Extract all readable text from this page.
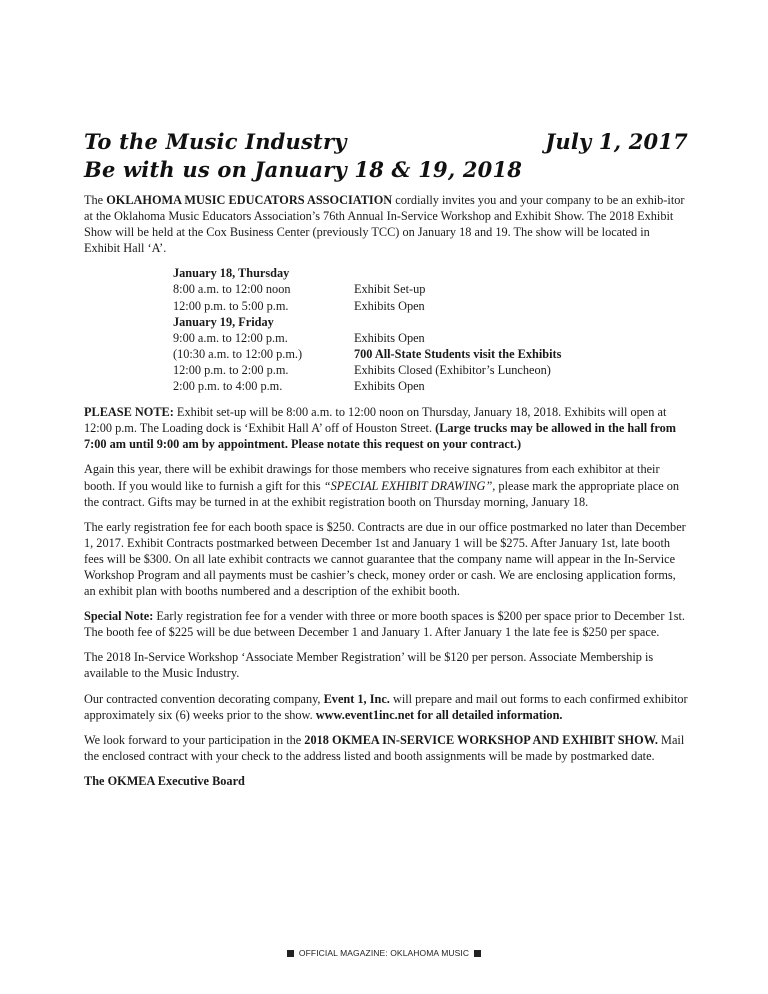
To the Music Industry	July 1, 2017
Be with us on January 18 & 19, 2018

The OKLAHOMA MUSIC EDUCATORS ASSOCIATION cordially invites you and your company to be an exhib-itor at the Oklahoma Music Educators Association’s 76th Annual In-Service Workshop and Exhibit Show. The 2018 Exhibit Show will be held at the Cox Business Center (previously TCC) on January 18 and 19. The show will be located in Exhibit Hall ‘A’.

January 18, Thursday
8:00 a.m. to 12:00 noon	Exhibit Set-up
12:00 p.m. to 5:00 p.m.	Exhibits Open
January 19, Friday
9:00 a.m. to 12:00 p.m.	Exhibits Open
(10:30 a.m. to 12:00 p.m.)	700 All-State Students visit the Exhibits
12:00 p.m. to 2:00 p.m.	Exhibits Closed (Exhibitor’s Luncheon)
2:00 p.m. to 4:00 p.m.	Exhibits Open

PLEASE NOTE: Exhibit set-up will be 8:00 a.m. to 12:00 noon on Thursday, January 18, 2018. Exhibits will open at 12:00 p.m. The Loading dock is ‘Exhibit Hall A’ off of Houston Street. (Large trucks may be allowed in the hall from 7:00 am until 9:00 am by appointment. Please notate this request on your contract.)

Again this year, there will be exhibit drawings for those members who receive signatures from each exhibitor at their booth. If you would like to furnish a gift for this “SPECIAL EXHIBIT DRAWING”, please mark the appropriate place on the contract. Gifts may be turned in at the exhibit registration booth on Thursday morning, January 18.

The early registration fee for each booth space is $250. Contracts are due in our office postmarked no later than December 1, 2017. Exhibit Contracts postmarked between December 1st and January 1 will be $275. After January 1st, late booth fees will be $300. On all late exhibit contracts we cannot guarantee that the company name will appear in the In-Service Workshop Program and all payments must be cashier’s check, money order or cash. We are enclosing application forms, an exhibit plan with booths numbered and a description of the exhibit booth.

Special Note: Early registration fee for a vender with three or more booth spaces is $200 per space prior to December 1st. The booth fee of $225 will be due between December 1 and January 1. After January 1 the late fee is $250 per space.

The 2018 In-Service Workshop ‘Associate Member Registration’ will be $120 per person. Associate Membership is available to the Music Industry.

Our contracted convention decorating company, Event 1, Inc. will prepare and mail out forms to each confirmed exhibitor approximately six (6) weeks prior to the show. www.event1inc.net for all detailed information.

We look forward to your participation in the 2018 OKMEA IN-SERVICE WORKSHOP AND EXHIBIT SHOW. Mail the enclosed contract with your check to the address listed and booth assignments will be made by postmarked date.

The OKMEA Executive Board

OFFICIAL MAGAZINE: OKLAHOMA MUSIC
